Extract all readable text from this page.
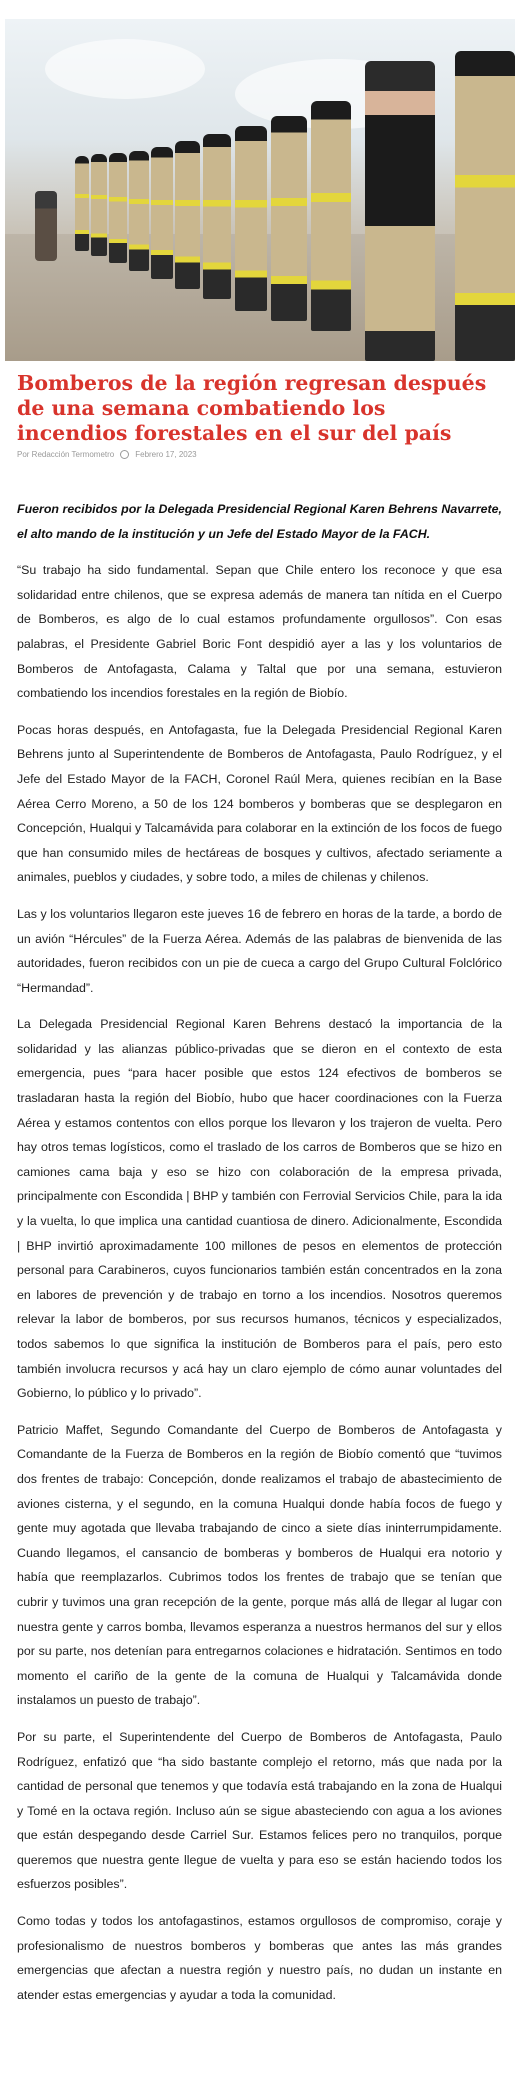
Bomberos de la región regresan después de una semana combatiendo los incendios forestales en el sur del país
Por Redacción Termometro	Febrero 17, 2023

Fueron recibidos por la Delegada Presidencial Regional Karen Behrens Navarrete, el alto mando de la institución y un Jefe del Estado Mayor de la FACH.

“Su trabajo ha sido fundamental. Sepan que Chile entero los reconoce y que esa solidaridad entre chilenos, que se expresa además de manera tan nítida en el Cuerpo de Bomberos, es algo de lo cual estamos profundamente orgullosos”. Con esas palabras, el Presidente Gabriel Boric Font despidió ayer a las y los voluntarios de Bomberos de Antofagasta, Calama y Taltal que por una semana, estuvieron combatiendo los incendios forestales en la región de Biobío.

Pocas horas después, en Antofagasta, fue la Delegada Presidencial Regional Karen Behrens junto al Superintendente de Bomberos de Antofagasta, Paulo Rodríguez, y el Jefe del Estado Mayor de la FACH, Coronel Raúl Mera, quienes recibían en la Base Aérea Cerro Moreno, a 50 de los 124 bomberos y bomberas que se desplegaron en Concepción, Hualqui y Talcamávida para colaborar en la extinción de los focos de fuego que han consumido miles de hectáreas de bosques y cultivos, afectado seriamente a animales, pueblos y ciudades, y sobre todo, a miles de chilenas y chilenos.

Las y los voluntarios llegaron este jueves 16 de febrero en horas de la tarde, a bordo de un avión “Hércules” de la Fuerza Aérea. Además de las palabras de bienvenida de las autoridades, fueron recibidos con un pie de cueca a cargo del Grupo Cultural Folclórico “Hermandad”.

La Delegada Presidencial Regional Karen Behrens destacó la importancia de la solidaridad y las alianzas público-privadas que se dieron en el contexto de esta emergencia, pues “para hacer posible que estos 124 efectivos de bomberos se trasladaran hasta la región del Biobío, hubo que hacer coordinaciones con la Fuerza Aérea y estamos contentos con ellos porque los llevaron y los trajeron de vuelta. Pero hay otros temas logísticos, como el traslado de los carros de Bomberos que se hizo en camiones cama baja y eso se hizo con colaboración de la empresa privada, principalmente con Escondida | BHP y también con Ferrovial Servicios Chile, para la ida y la vuelta, lo que implica una cantidad cuantiosa de dinero. Adicionalmente, Escondida | BHP invirtió aproximadamente 100 millones de pesos en elementos de protección personal para Carabineros, cuyos funcionarios también están concentrados en la zona en labores de prevención y de trabajo en torno a los incendios. Nosotros queremos relevar la labor de bomberos, por sus recursos humanos, técnicos y especializados, todos sabemos lo que significa la institución de Bomberos para el país, pero esto también involucra recursos y acá hay un claro ejemplo de cómo aunar voluntades del Gobierno, lo público y lo privado”.

Patricio Maffet, Segundo Comandante del Cuerpo de Bomberos de Antofagasta y Comandante de la Fuerza de Bomberos en la región de Biobío comentó que “tuvimos dos frentes de trabajo: Concepción, donde realizamos el trabajo de abastecimiento de aviones cisterna, y el segundo, en la comuna Hualqui donde había focos de fuego y gente muy agotada que llevaba trabajando de cinco a siete días ininterrumpidamente. Cuando llegamos, el cansancio de bomberas y bomberos de Hualqui era notorio y había que reemplazarlos. Cubrimos todos los frentes de trabajo que se tenían que cubrir y tuvimos una gran recepción de la gente, porque más allá de llegar al lugar con nuestra gente y carros bomba, llevamos esperanza a nuestros hermanos del sur y ellos por su parte, nos detenían para entregarnos colaciones e hidratación. Sentimos en todo momento el cariño de la gente de la comuna de Hualqui y Talcamávida donde instalamos un puesto de trabajo”.

Por su parte, el Superintendente del Cuerpo de Bomberos de Antofagasta, Paulo Rodríguez, enfatizó que “ha sido bastante complejo el retorno, más que nada por la cantidad de personal que tenemos y que todavía está trabajando en la zona de Hualqui y Tomé en la octava región. Incluso aún se sigue abasteciendo con agua a los aviones que están despegando desde Carriel Sur. Estamos felices pero no tranquilos, porque queremos que nuestra gente llegue de vuelta y para eso se están haciendo todos los esfuerzos posibles”.

Como todas y todos los antofagastinos, estamos orgullosos de compromiso, coraje y profesionalismo de nuestros bomberos y bomberas que antes las más grandes emergencias que afectan a nuestra región y nuestro país, no dudan un instante en atender estas emergencias y ayudar a toda la comunidad.
